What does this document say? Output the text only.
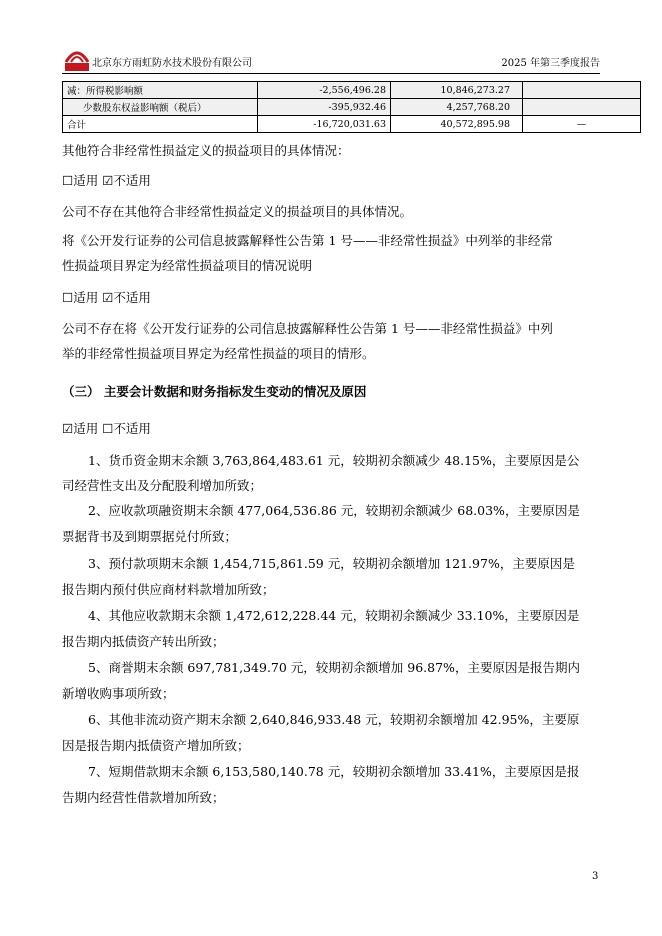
北京东方雨虹防水技术股份有限公司	2025 年第三季度报告
减：所得税影响额	-2,556,496.28	10,846,273.27	
少数股东权益影响额（税后）	-395,932.46	4,257,768.20	
合计	-16,720,031.63	40,572,895.98	—
其他符合非经常性损益定义的损益项目的具体情况：
☐适用 ☑不适用
公司不存在其他符合非经常性损益定义的损益项目的具体情况。
将《公开发行证券的公司信息披露解释性公告第 1 号——非经常性损益》中列举的非经常
性损益项目界定为经常性损益项目的情况说明
☐适用 ☑不适用
公司不存在将《公开发行证券的公司信息披露解释性公告第 1 号——非经常性损益》中列
举的非经常性损益项目界定为经常性损益的项目的情形。
（三） 主要会计数据和财务指标发生变动的情况及原因
☑适用 ☐不适用
1、货币资金期末余额 3,763,864,483.61 元，较期初余额减少 48.15%，主要原因是公
司经营性支出及分配股利增加所致；
2、应收款项融资期末余额 477,064,536.86 元，较期初余额减少 68.03%，主要原因是
票据背书及到期票据兑付所致；
3、预付款项期末余额 1,454,715,861.59 元，较期初余额增加 121.97%，主要原因是
报告期内预付供应商材料款增加所致；
4、其他应收款期末余额 1,472,612,228.44 元，较期初余额减少 33.10%，主要原因是
报告期内抵债资产转出所致；
5、商誉期末余额 697,781,349.70 元，较期初余额增加 96.87%，主要原因是报告期内
新增收购事项所致；
6、其他非流动资产期末余额 2,640,846,933.48 元，较期初余额增加 42.95%，主要原
因是报告期内抵债资产增加所致；
7、短期借款期末余额 6,153,580,140.78 元，较期初余额增加 33.41%，主要原因是报
告期内经营性借款增加所致；
3
